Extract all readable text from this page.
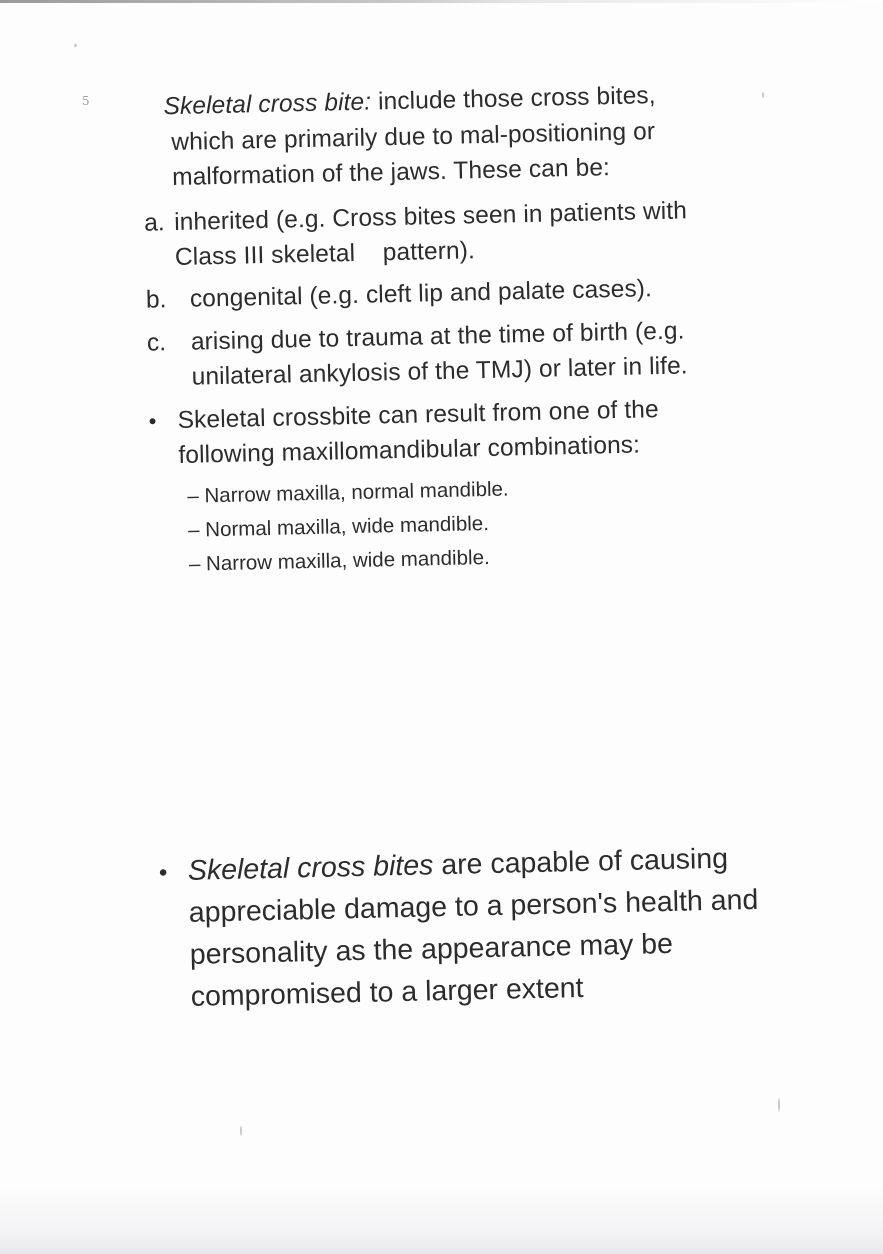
5	Skeletal cross bite: include those cross bites,
which are primarily due to mal-positioning or
malformation of the jaws. These can be:
a. inherited (e.g. Cross bites seen in patients with
Class III skeletal    pattern).
b. congenital (e.g. cleft lip and palate cases).
c. arising due to trauma at the time of birth (e.g.
unilateral ankylosis of the TMJ) or later in life.
• Skeletal crossbite can result from one of the
following maxillomandibular combinations:
– Narrow maxilla, normal mandible.
– Normal maxilla, wide mandible.
– Narrow maxilla, wide mandible.
• Skeletal cross bites are capable of causing
appreciable damage to a person's health and
personality as the appearance may be
compromised to a larger extent
